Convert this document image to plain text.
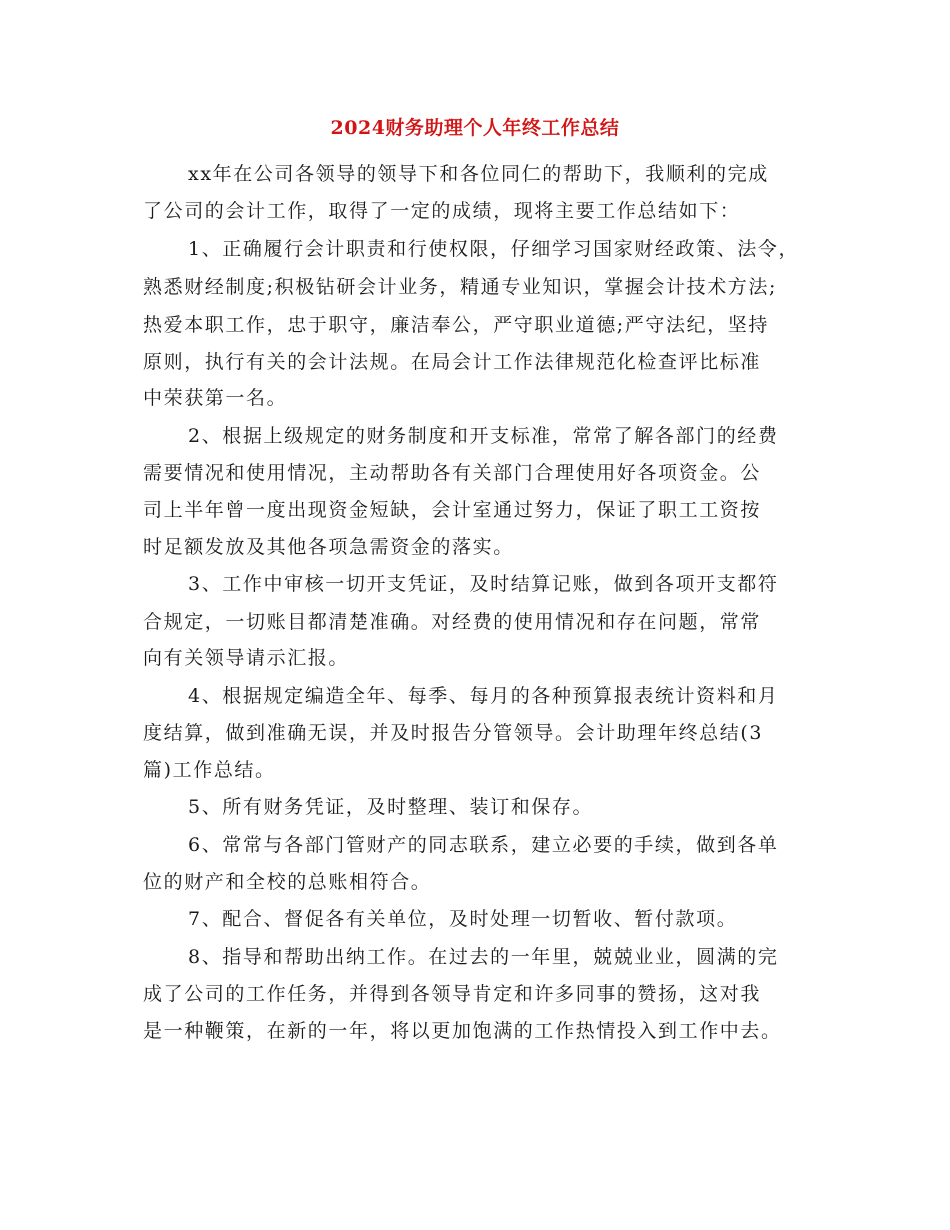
2024财务助理个人年终工作总结
xx年在公司各领导的领导下和各位同仁的帮助下，我顺利的完成
了公司的会计工作，取得了一定的成绩，现将主要工作总结如下：
1、正确履行会计职责和行使权限，仔细学习国家财经政策、法令，
熟悉财经制度;积极钻研会计业务，精通专业知识，掌握会计技术方法;
热爱本职工作，忠于职守，廉洁奉公，严守职业道德;严守法纪，坚持
原则，执行有关的会计法规。在局会计工作法律规范化检查评比标准
中荣获第一名。
2、根据上级规定的财务制度和开支标准，常常了解各部门的经费
需要情况和使用情况，主动帮助各有关部门合理使用好各项资金。公
司上半年曾一度出现资金短缺，会计室通过努力，保证了职工工资按
时足额发放及其他各项急需资金的落实。
3、工作中审核一切开支凭证，及时结算记账，做到各项开支都符
合规定，一切账目都清楚准确。对经费的使用情况和存在问题，常常
向有关领导请示汇报。
4、根据规定编造全年、每季、每月的各种预算报表统计资料和月
度结算，做到准确无误，并及时报告分管领导。会计助理年终总结(3
篇)工作总结。
5、所有财务凭证，及时整理、装订和保存。
6、常常与各部门管财产的同志联系，建立必要的手续，做到各单
位的财产和全校的总账相符合。
7、配合、督促各有关单位，及时处理一切暂收、暂付款项。
8、指导和帮助出纳工作。在过去的一年里，兢兢业业，圆满的完
成了公司的工作任务，并得到各领导肯定和许多同事的赞扬，这对我
是一种鞭策，在新的一年，将以更加饱满的工作热情投入到工作中去。
